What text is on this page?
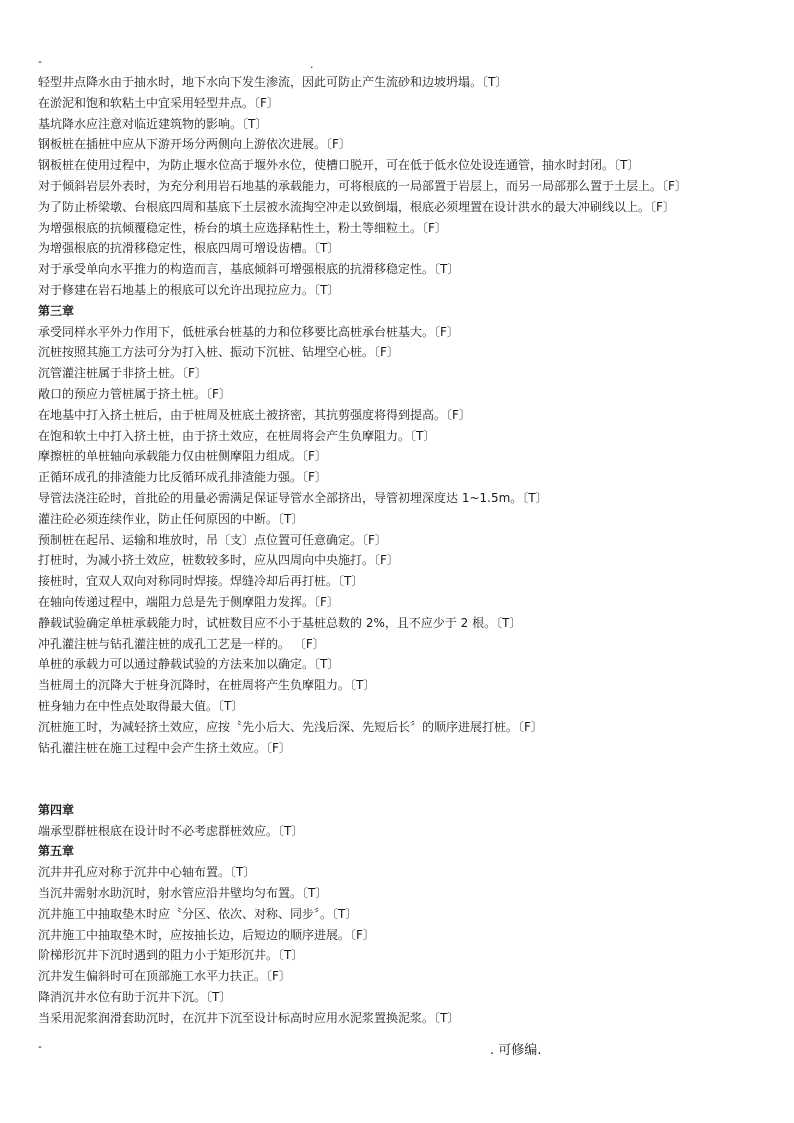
-	.
轻型井点降水由于抽水时，地下水向下发生渗流，因此可防止产生流砂和边坡坍塌。〔T〕
在淤泥和饱和软粘土中宜采用轻型井点。〔F〕
基坑降水应注意对临近建筑物的影响。〔T〕
钢板桩在插桩中应从下游开场分两侧向上游依次进展。〔F〕
钢板桩在使用过程中，为防止堰水位高于堰外水位，使槽口脱开，可在低于低水位处设连通管，抽水时封闭。〔T〕
对于倾斜岩层外表时，为充分利用岩石地基的承载能力，可将根底的一局部置于岩层上，而另一局部那么置于土层上。〔F〕
为了防止桥梁墩、台根底四周和基底下土层被水流掏空冲走以致倒塌，根底必须埋置在设计洪水的最大冲刷线以上。〔F〕
为增强根底的抗倾覆稳定性，桥台的填土应选择粘性土，粉土等细粒土。〔F〕
为增强根底的抗滑移稳定性，根底四周可增设齿槽。〔T〕
对于承受单向水平推力的构造而言，基底倾斜可增强根底的抗滑移稳定性。〔T〕
对于修建在岩石地基上的根底可以允许出现拉应力。〔T〕
第三章
承受同样水平外力作用下，低桩承台桩基的力和位移要比高桩承台桩基大。〔F〕
沉桩按照其施工方法可分为打入桩、振动下沉桩、钻埋空心桩。〔F〕
沉管灌注桩属于非挤土桩。〔F〕
敞口的预应力管桩属于挤土桩。〔F〕
在地基中打入挤土桩后，由于桩周及桩底土被挤密，其抗剪强度将得到提高。〔F〕
在饱和软土中打入挤土桩，由于挤土效应，在桩周将会产生负摩阻力。〔T〕
摩擦桩的单桩轴向承载能力仅由桩侧摩阻力组成。〔F〕
正循环成孔的排渣能力比反循环成孔排渣能力强。〔F〕
导管法浇注砼时，首批砼的用量必需满足保证导管水全部挤出，导管初埋深度达 1~1.5m。〔T〕
灌注砼必须连续作业，防止任何原因的中断。〔T〕
预制桩在起吊、运输和堆放时，吊〔支〕点位置可任意确定。〔F〕
打桩时，为减小挤土效应，桩数较多时，应从四周向中央施打。〔F〕
接桩时，宜双人双向对称同时焊接。焊缝冷却后再打桩。〔T〕
在轴向传递过程中，端阻力总是先于侧摩阻力发挥。〔F〕
静载试验确定单桩承载能力时，试桩数目应不小于基桩总数的 2%，且不应少于 2 根。〔T〕
冲孔灌注桩与钻孔灌注桩的成孔工艺是一样的。 〔F〕
单桩的承载力可以通过静载试验的方法来加以确定。〔T〕
当桩周土的沉降大于桩身沉降时，在桩周将产生负摩阻力。〔T〕
桩身轴力在中性点处取得最大值。〔T〕
沉桩施工时，为减轻挤土效应，应按〝先小后大、先浅后深、先短后长〞的顺序进展打桩。〔F〕
钻孔灌注桩在施工过程中会产生挤土效应。〔F〕
第四章
端承型群桩根底在设计时不必考虑群桩效应。〔T〕
第五章
沉井井孔应对称于沉井中心轴布置。〔T〕
当沉井需射水助沉时，射水管应沿井壁均匀布置。〔T〕
沉井施工中抽取垫木时应〝分区、依次、对称、同步〞。〔T〕
沉井施工中抽取垫木时，应按抽长边，后短边的顺序进展。〔F〕
阶梯形沉井下沉时遇到的阻力小于矩形沉井。〔T〕
沉井发生偏斜时可在顶部施工水平力扶正。〔F〕
降消沉井水位有助于沉井下沉。〔T〕
当采用泥浆润滑套助沉时，在沉井下沉至设计标高时应用水泥浆置换泥浆。〔T〕
-	. 可修编.
